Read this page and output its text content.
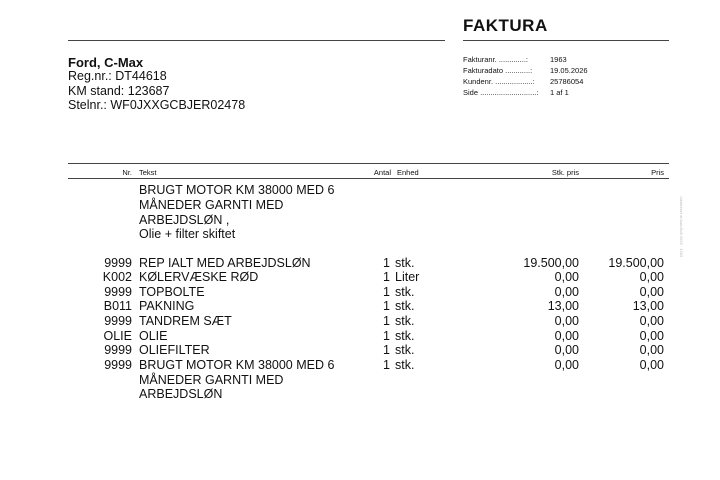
FAKTURA
Ford, C-Max
Reg.nr.: DT44618
KM stand: 123687
Stelnr.: WF0JXXGCBJER02478
Fakturanr. .............:	1963
Fakturadato ............: 19.05.2026
Kundenr. ..................: 25786054
Side ...........................: 1 af 1
Nr. Tekst	Antal Enhed	Stk. pris	Pris
BRUGT MOTOR KM 38000 MED 6
MÅNEDER GARNTI MED
ARBEJDSLØN ,
Olie + filter skiftet
9999 REP IALT MED ARBEJDSLØN	1 stk.	19.500,00 19.500,00
K002 KØLERVÆSKE RØD	1 Liter	0,00	0,00
9999 TOPBOLTE	1 stk.	0,00	0,00
B011 PAKNING	1 stk.	13,00	13,00
9999 TANDREM SÆT	1 stk.	0,00	0,00
OLIE OLIE	1 stk.	0,00	0,00
9999 OLIEFILTER	1 stk.	0,00	0,00
9999 BRUGT MOTOR KM 38000 MED 6	1 stk.	0,00	0,00
MÅNEDER GARNTI MED
ARBEJDSLØN
Udskrevet af AutoSoft 2026 · 1963
